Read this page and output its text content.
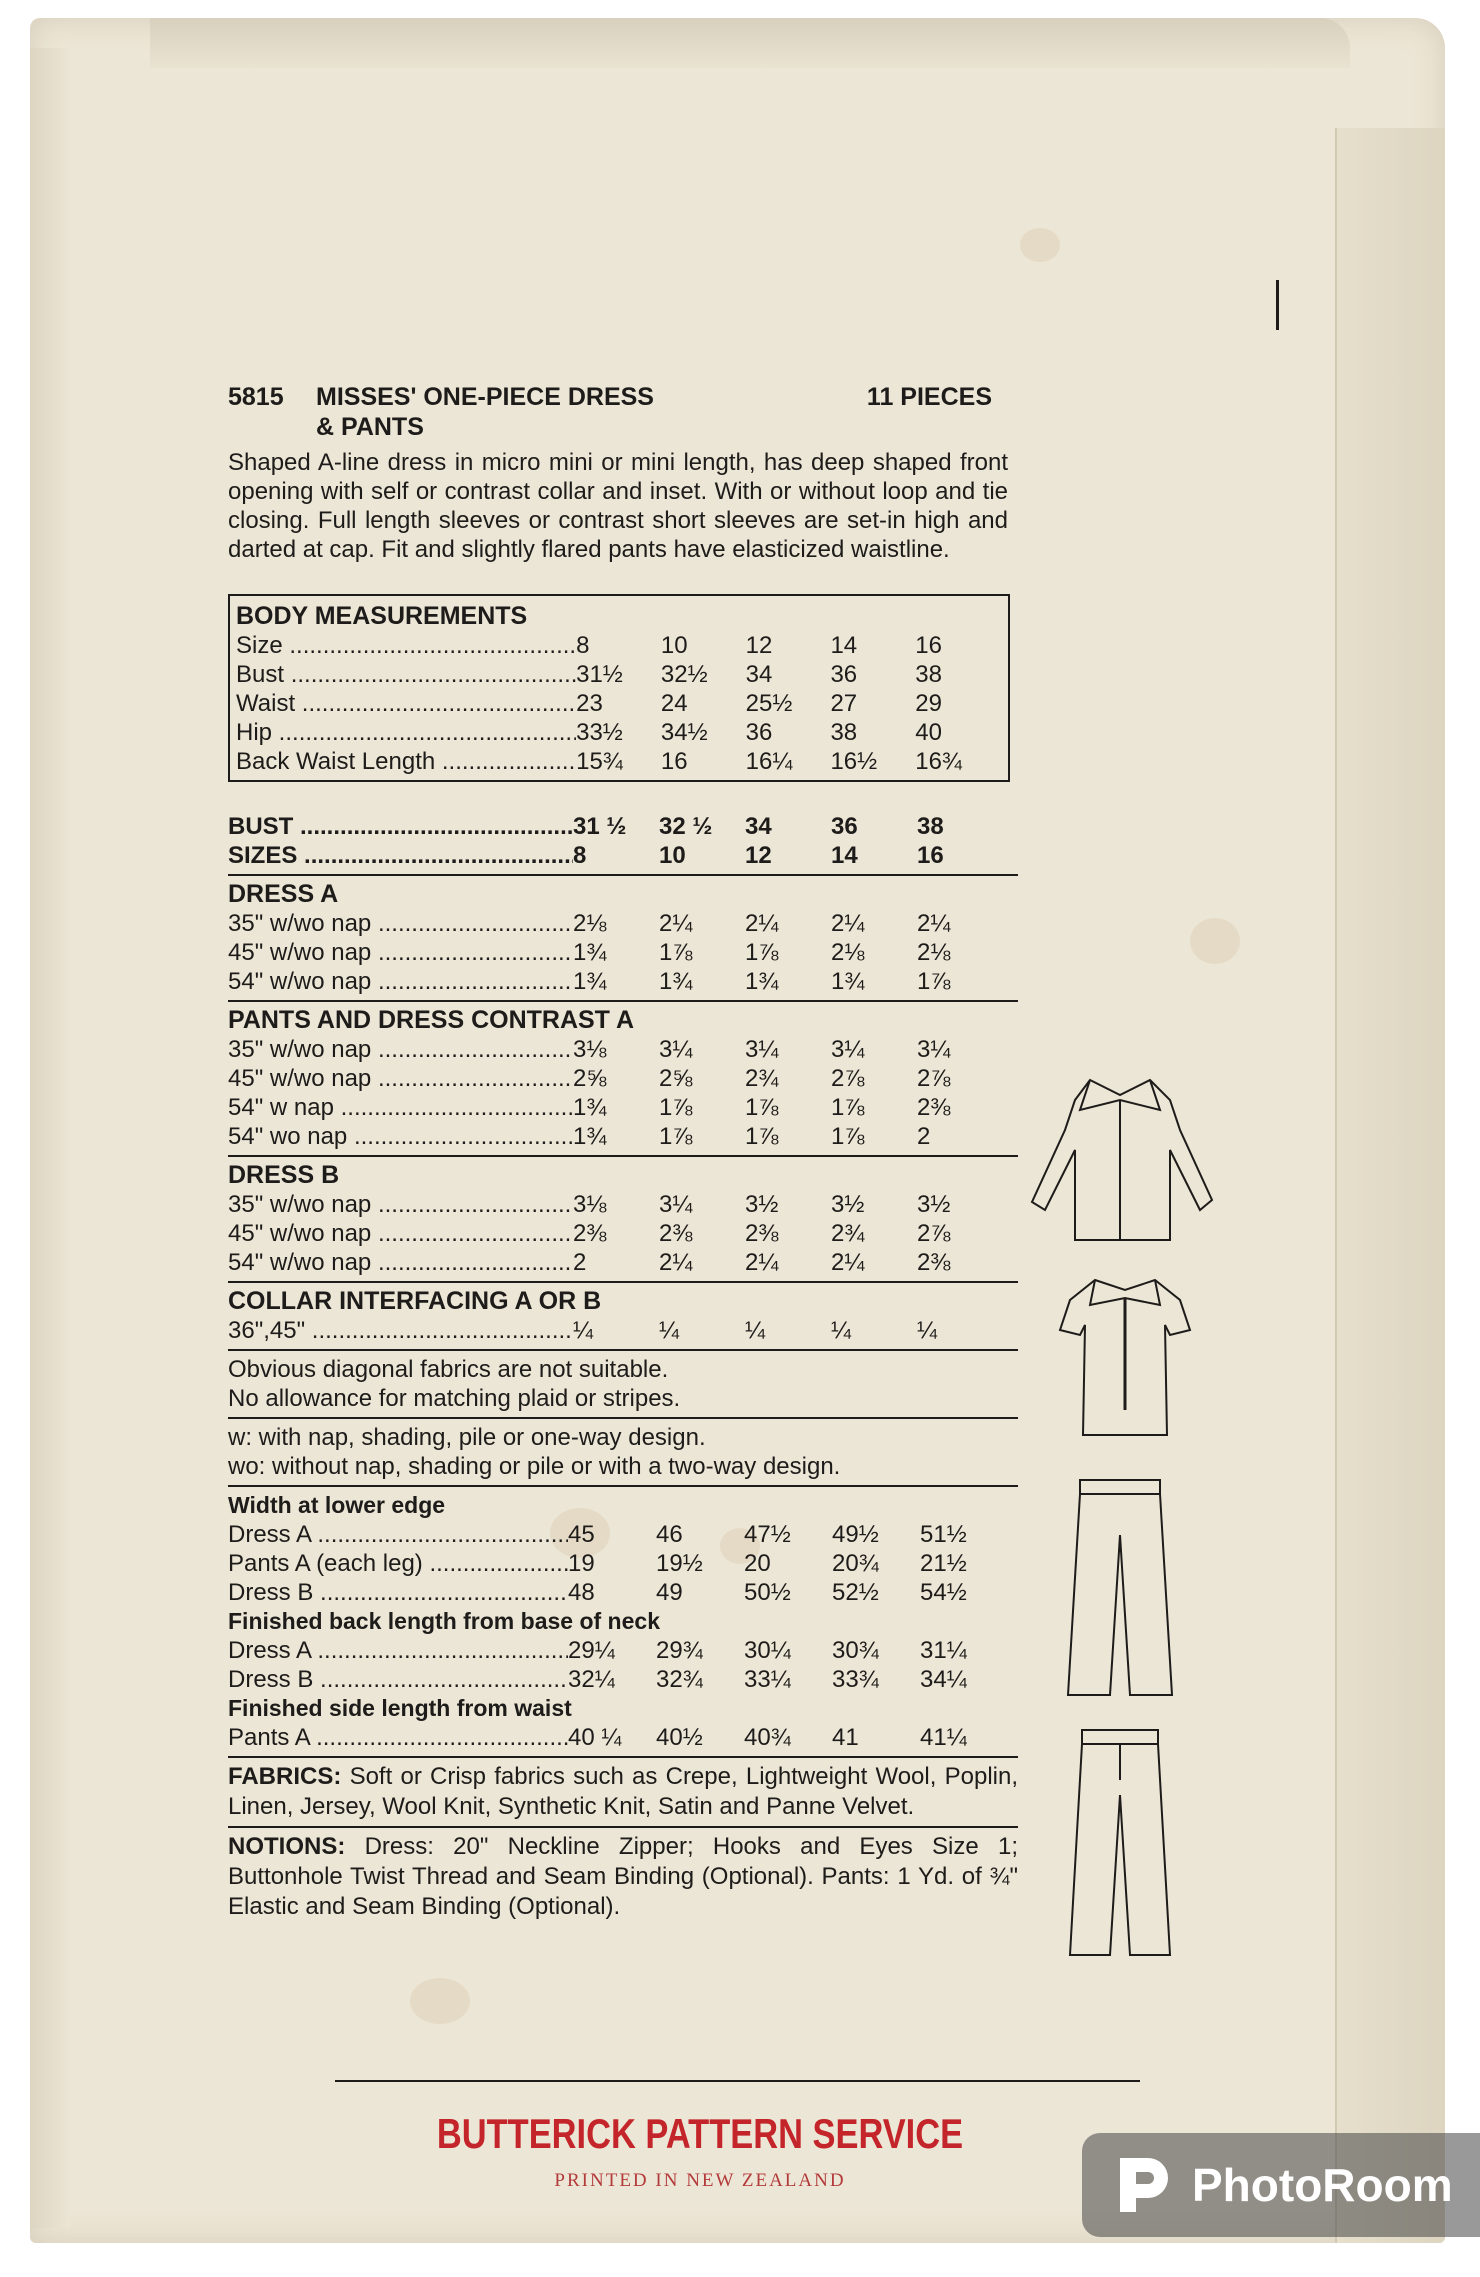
5815	MISSES' ONE-PIECE DRESS
& PANTS
11 PIECES
Shaped A-line dress in micro mini or mini length, has deep shaped front opening with self or contrast collar and inset. With or without loop and tie closing. Full length sleeves or contrast short sleeves are set-in high and darted at cap. Fit and slightly flared pants have elasticized waistline.
BODY MEASUREMENTS
Size .....	8	10	12	14	16
Bust .....	31½	32½	34	36	38
Waist .....	23	24	25½	27	29
Hip .....	33½	34½	36	38	40
Back Waist Length .....	15¾	16	16¼	16½	16¾
BUST .....	31 ½	32 ½	34	36	38
SIZES .....	8	10	12	14	16
DRESS A
35" w/wo nap .....	2⅛	2¼	2¼	2¼	2¼
45" w/wo nap .....	1¾	1⅞	1⅞	2⅛	2⅛
54" w/wo nap .....	1¾	1¾	1¾	1¾	1⅞
PANTS AND DRESS CONTRAST A
35" w/wo nap .....	3⅛	3¼	3¼	3¼	3¼
45" w/wo nap .....	2⅝	2⅝	2¾	2⅞	2⅞
54" w nap .....	1¾	1⅞	1⅞	1⅞	2⅜
54" wo nap .....	1¾	1⅞	1⅞	1⅞	2
DRESS B
35" w/wo nap .....	3⅛	3¼	3½	3½	3½
45" w/wo nap .....	2⅜	2⅜	2⅜	2¾	2⅞
54" w/wo nap .....	2	2¼	2¼	2¼	2⅜
COLLAR INTERFACING A OR B
36",45" .....	¼	¼	¼	¼	¼
Obvious diagonal fabrics are not suitable.
No allowance for matching plaid or stripes.
w: with nap, shading, pile or one-way design.
wo: without nap, shading or pile or with a two-way design.
Width at lower edge
Dress A .....	45	46	47½	49½	51½
Pants A (each leg) .....	19	19½	20	20¾	21½
Dress B .....	48	49	50½	52½	54½
Finished back length from base of neck
Dress A .....	29¼	29¾	30¼	30¾	31¼
Dress B .....	32¼	32¾	33¼	33¾	34¼
Finished side length from waist
Pants A .....	40 ¼	40½	40¾	41	41¼
FABRICS: Soft or Crisp fabrics such as Crepe, Lightweight Wool, Poplin, Linen, Jersey, Wool Knit, Synthetic Knit, Satin and Panne Velvet.
NOTIONS: Dress: 20" Neckline Zipper; Hooks and Eyes Size 1; Buttonhole Twist Thread and Seam Binding (Optional). Pants: 1 Yd. of ¾" Elastic and Seam Binding (Optional).
BUTTERICK PATTERN SERVICE
PRINTED IN NEW ZEALAND	PhotoRoom
